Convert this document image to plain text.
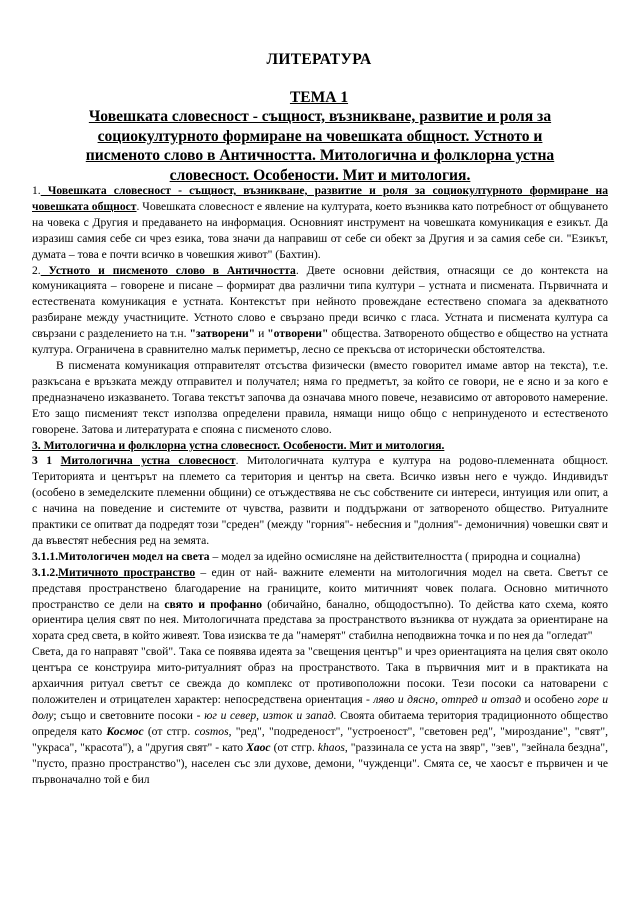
ЛИТЕРАТУРА
ТЕМА 1
Човешката словесност - същност, възникване, развитие и роля за
социокултурното формиране на човешката общност. Устното и
писменото слово в Античността. Митологична и фолклорна устна
словесност. Особености. Мит и митология.

1. Човешката словесност - същност, възникване, развитие и роля за социокултурното формиране на човешката общност. Човешката словесност е явление на културата, което възниква като потребност от общуването на човека с Другия и предаването на информация. Основният инструмент на човешката комуникация е езикът. Да изразиш самия себе си чрез езика, това значи да направиш от себе си обект за Другия и за самия себе си. "Езикът, думата – това е почти всичко в човешкия живот" (Бахтин).

2. Устното и писменото слово в Античността. Двете основни действия, отнасящи се до контекста на комуникацията – говорене и писане – формират два различни типа култури – устната и писмената. Първичната и естествената комуникация е устната. Контекстът при нейното провеждане естествено спомага за адекватното разбиране между участниците. Устното слово е свързано преди всичко с гласа. Устната и писмената култура са свързани с разделението на т.н. "затворени" и "отворени" общества. Затвореното общество е общество на устната култура. Ограничена в сравнително малък периметър, лесно се прекъсва от исторически обстоятелства.

В писмената комуникация отправителят отсъства физически (вместо говорител имаме автор на текста), т.е. разкъсана е връзката между отправител и получател; няма го предметът, за който се говори, не е ясно и за кого е предназначено изказването. Тогава текстът започва да означава много повече, независимо от авторовото намерение. Ето защо писменият текст използва определени правила, нямащи нищо общо с непринуденото и естественото говорене. Затова и литературата е спояна с писменото слово.

3. Митологична и фолклорна устна словесност. Особености. Мит и митология.

3 1 Митологична устна словесност. Митологичната култура е култура на родово-племенната общност. Територията и центърът на племето са територия и център на света. Всичко извън него е чуждо. Индивидът (особено в земеделските племенни общини) се отъждествява не със собствените си интереси, интуиция или опит, а с начина на поведение и системите от чувства, развити и поддържани от затвореното общество. Ритуалните практики се опитват да подредят този "среден" (между "горния"- небесния и "долния"- демоничния) човешки свят и да въвестят небесния ред на земята.

3.1.1.Митологичен модел на света – модел за идейно осмисляне на действителността ( природна и социална)

3.1.2.Митичното пространство – един от най- важните елементи на митологичния модел на света. Светът се представя пространствено благодарение на границите, които митичният човек полага. Основно митичното пространство се дели на свято и профанно (обичайно, банално, общодостъпно). То действа като схема, която ориентира целия свят по нея. Митологичната представа за пространството възниква от нуждата за ориентиране на хората сред света, в който живеят. Това изисква те да "намерят" стабилна неподвижна точка и по нея да "огледат"

Света, да го направят "свой". Така се появява идеята за "свещения център" и чрез ориентацията на целия свят около центъра се конструира мито-ритуалният образ на пространството. Така в първичния мит и в практиката на архаичния ритуал светът се свежда до комплекс от противоположни посоки. Тези посоки са натоварени с положителен и отрицателен характер: непосредствена ориентация - ляво и дясно, отпред и отзад и особено горе и долу; също и световните посоки - юг и север, изток и запад. Своята обитаема територия традиционното общество определя като Космос (от стгр. cosmos, "ред", "подреденост", "устроеност", "световен ред", "мироздание", "свят", "украса", "красота"), а "другия свят" - като Хаос (от стгр. khaos, "раззинала се уста на звяр", "зев", "зейнала бездна", "пусто, празно пространство"), населен със зли духове, демони, "чужденци". Смята се, че хаосът е първичен и че първоначално той е бил
